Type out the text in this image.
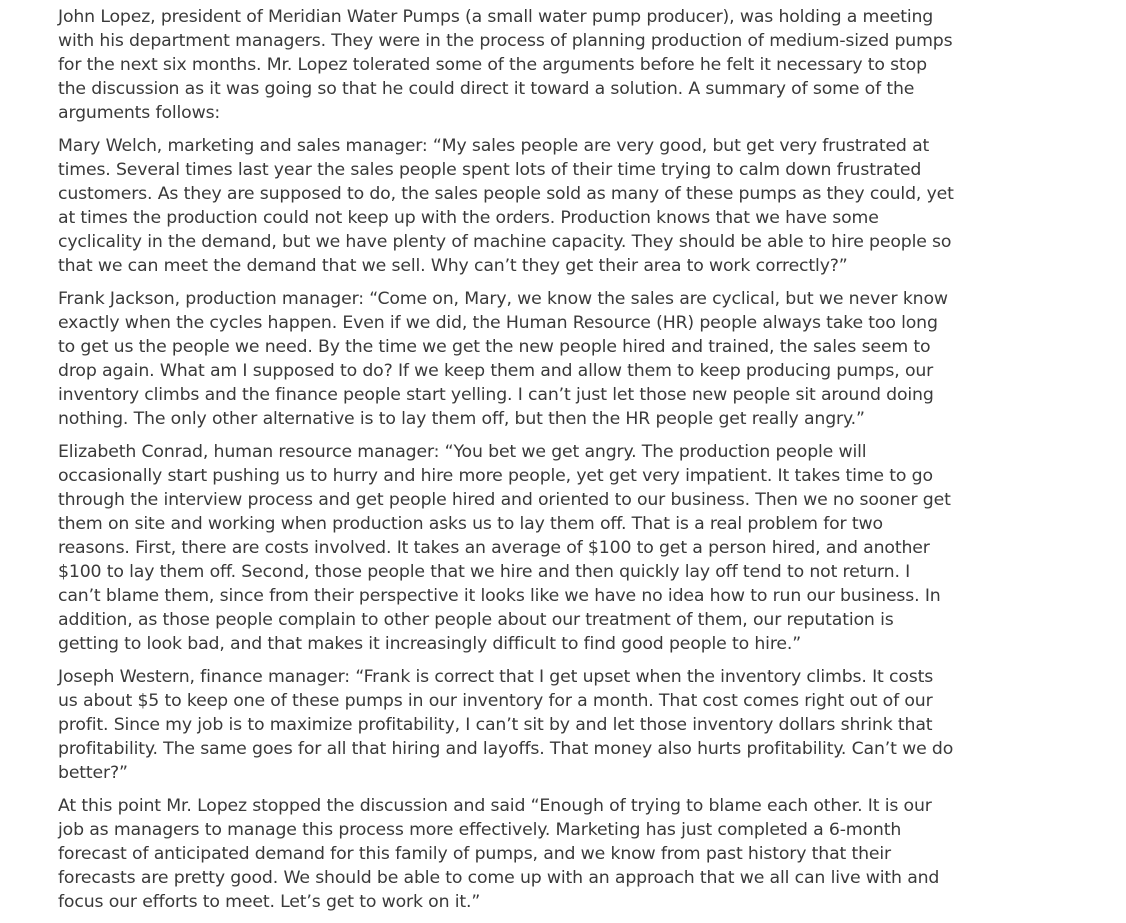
John Lopez, president of Meridian Water Pumps (a small water pump producer), was holding a meeting with his department managers. They were in the process of planning production of medium-sized pumps for the next six months. Mr. Lopez tolerated some of the arguments before he felt it necessary to stop the discussion as it was going so that he could direct it toward a solution. A summary of some of the arguments follows:

Mary Welch, marketing and sales manager: “My sales people are very good, but get very frustrated at times. Several times last year the sales people spent lots of their time trying to calm down frustrated customers. As they are supposed to do, the sales people sold as many of these pumps as they could, yet at times the production could not keep up with the orders. Production knows that we have some cyclicality in the demand, but we have plenty of machine capacity. They should be able to hire people so that we can meet the demand that we sell. Why can’t they get their area to work correctly?”

Frank Jackson, production manager: “Come on, Mary, we know the sales are cyclical, but we never know exactly when the cycles happen. Even if we did, the Human Resource (HR) people always take too long to get us the people we need. By the time we get the new people hired and trained, the sales seem to drop again. What am I supposed to do? If we keep them and allow them to keep producing pumps, our inventory climbs and the finance people start yelling. I can’t just let those new people sit around doing nothing. The only other alternative is to lay them off, but then the HR people get really angry.”

Elizabeth Conrad, human resource manager: “You bet we get angry. The production people will occasionally start pushing us to hurry and hire more people, yet get very impatient. It takes time to go through the interview process and get people hired and oriented to our business. Then we no sooner get them on site and working when production asks us to lay them off. That is a real problem for two reasons. First, there are costs involved. It takes an average of $100 to get a person hired, and another $100 to lay them off. Second, those people that we hire and then quickly lay off tend to not return. I can’t blame them, since from their perspective it looks like we have no idea how to run our business. In addition, as those people complain to other people about our treatment of them, our reputation is getting to look bad, and that makes it increasingly difficult to find good people to hire.”

Joseph Western, finance manager: “Frank is correct that I get upset when the inventory climbs. It costs us about $5 to keep one of these pumps in our inventory for a month. That cost comes right out of our profit. Since my job is to maximize profitability, I can’t sit by and let those inventory dollars shrink that profitability. The same goes for all that hiring and layoffs. That money also hurts profitability. Can’t we do better?”

At this point Mr. Lopez stopped the discussion and said “Enough of trying to blame each other. It is our job as managers to manage this process more effectively. Marketing has just completed a 6-month forecast of anticipated demand for this family of pumps, and we know from past history that their forecasts are pretty good. We should be able to come up with an approach that we all can live with and focus our efforts to meet. Let’s get to work on it.”
